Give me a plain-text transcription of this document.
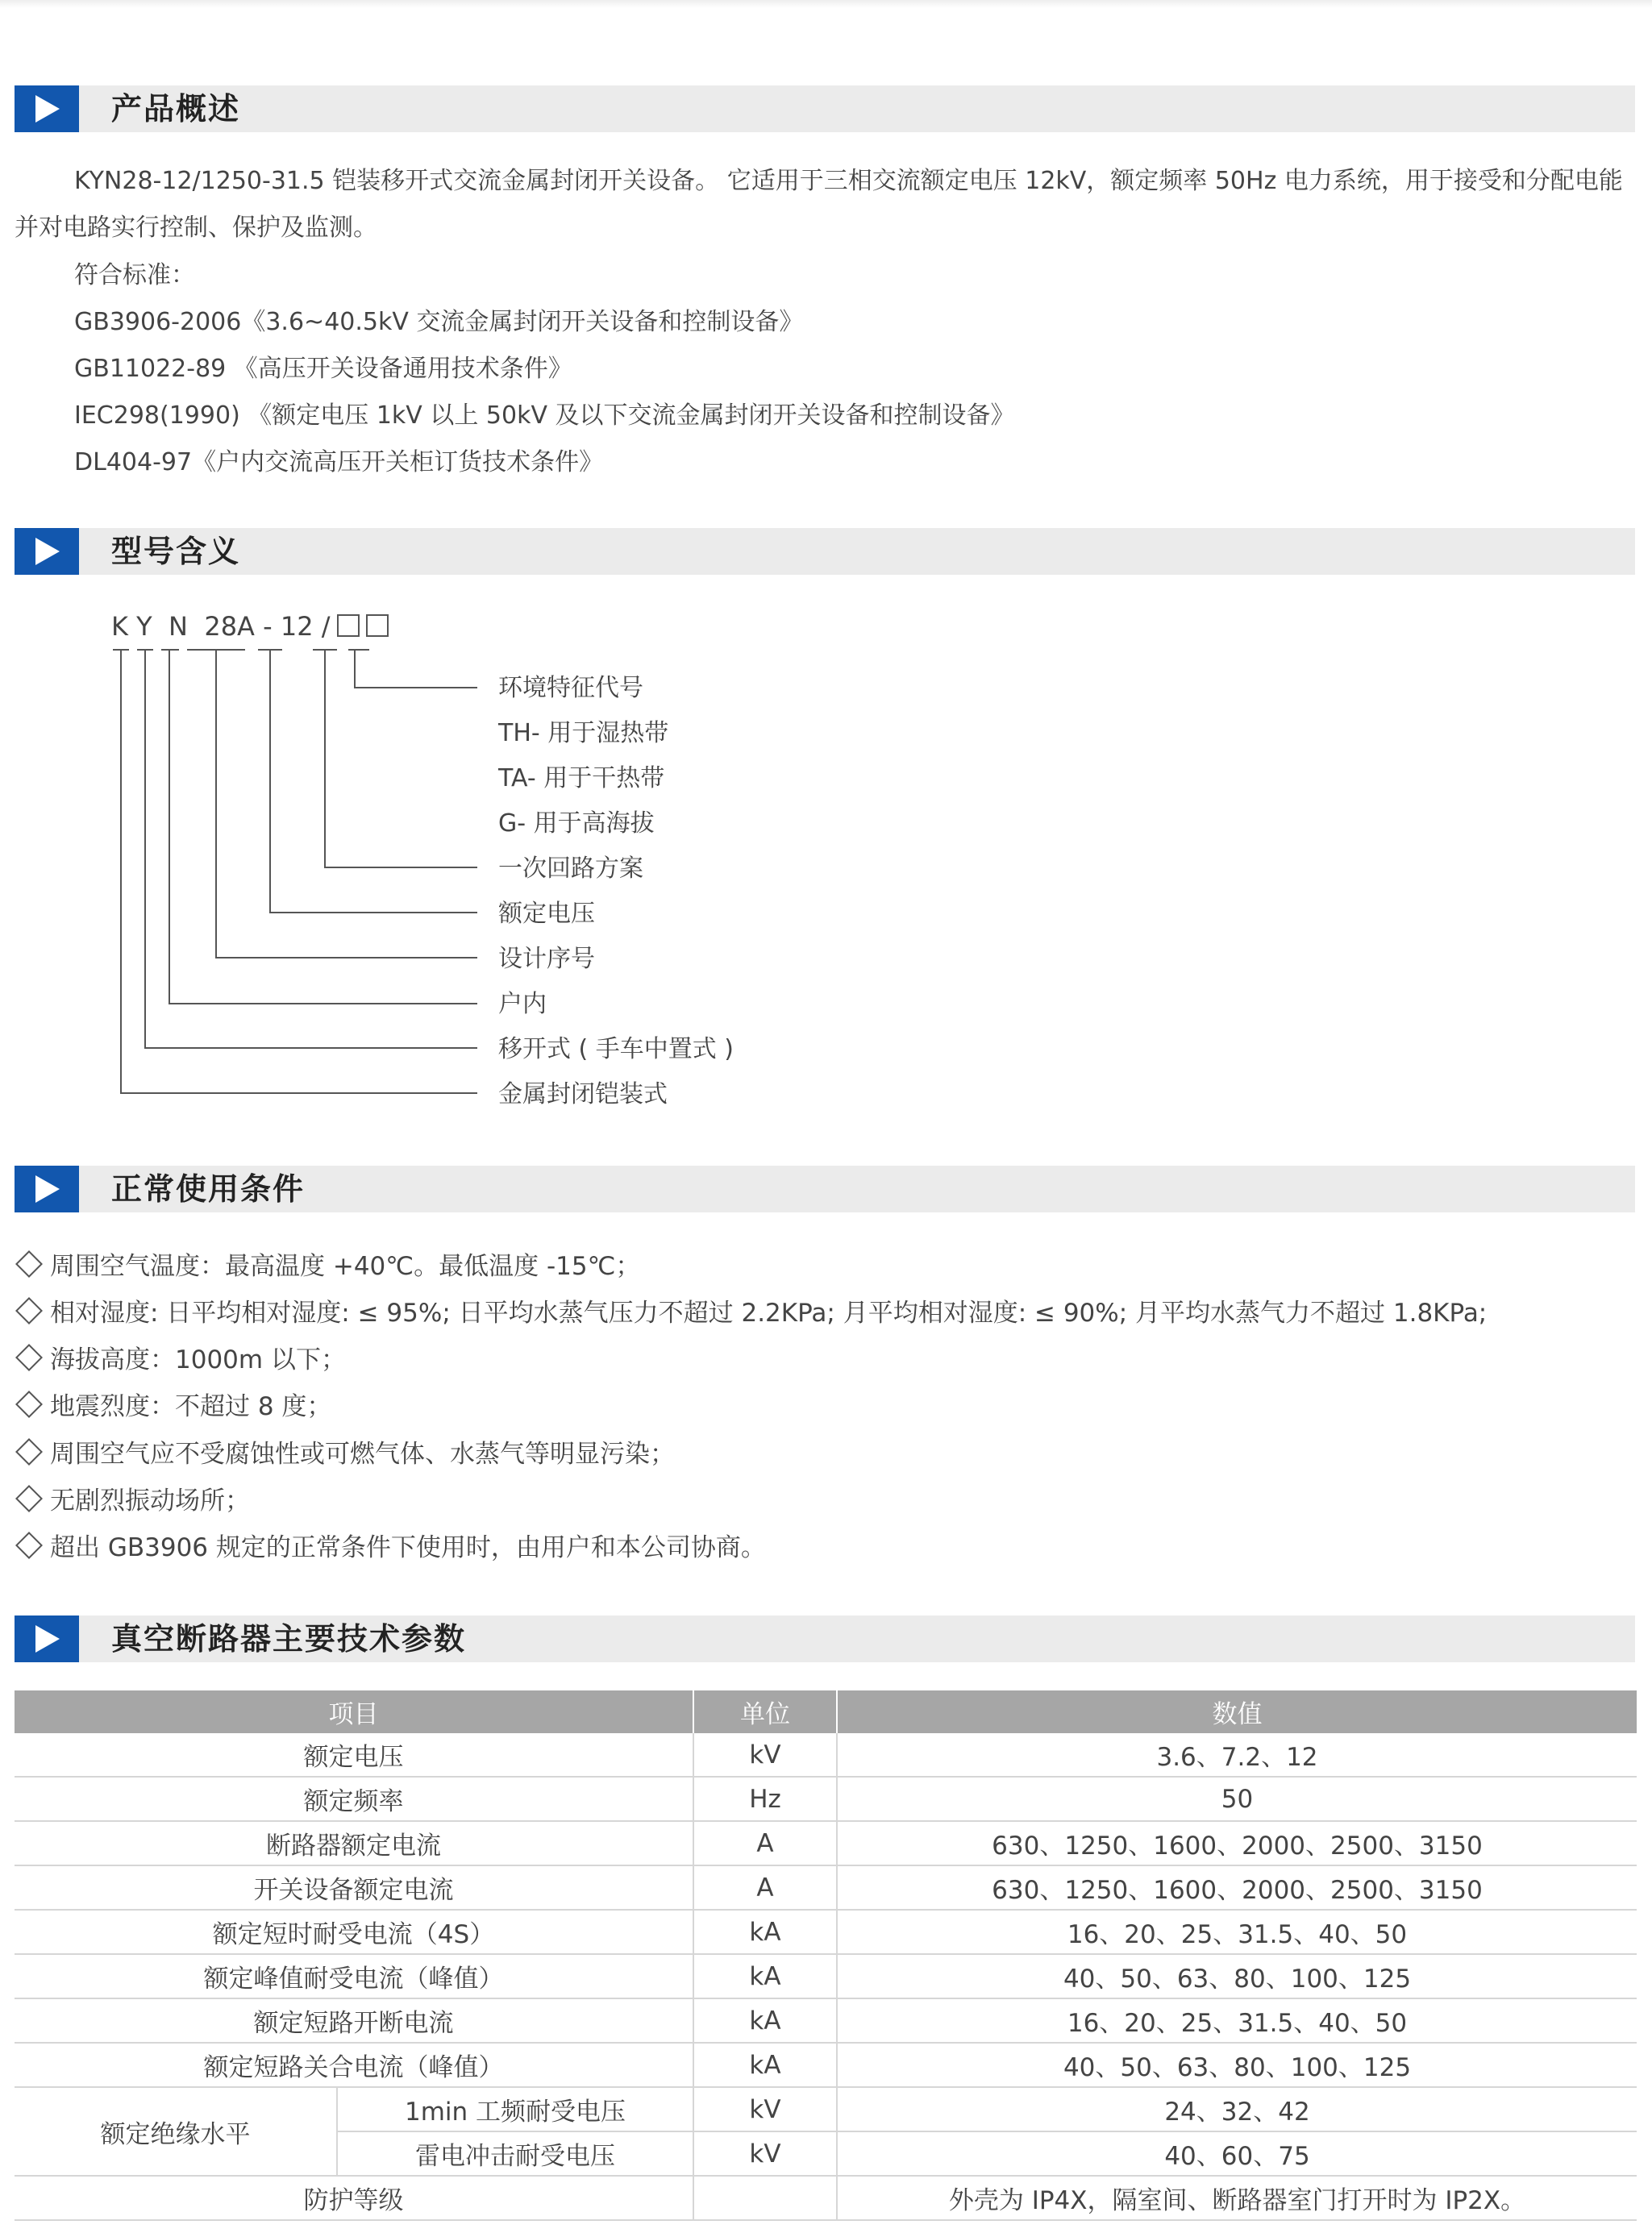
产品概述
KYN28-12/1250-31.5 铠装移开式交流金属封闭开关设备。 它适用于三相交流额定电压 12kV，额定频率 50Hz 电力系统，用于接受和分配电能并对电路实行控制、保护及监测。
符合标准：
GB3906-2006《3.6~40.5kV 交流金属封闭开关设备和控制设备》
GB11022-89 《高压开关设备通用技术条件》
IEC298(1990) 《额定电压 1kV 以上 50kV 及以下交流金属封闭开关设备和控制设备》
DL404-97《户内交流高压开关柜订货技术条件》
型号含义
K Y  N  28A - 12 /
环境特征代号
TH- 用于湿热带
TA- 用于干热带
G- 用于高海拔
一次回路方案
额定电压
设计序号
户内
移开式 ( 手车中置式 )
金属封闭铠装式
正常使用条件
周围空气温度：最高温度 +40℃。最低温度 -15℃；
相对湿度: 日平均相对湿度: ≤ 95%; 日平均水蒸气压力不超过 2.2KPa; 月平均相对湿度: ≤ 90%; 月平均水蒸气力不超过 1.8KPa;
海拔高度：1000m 以下；
地震烈度：不超过 8 度；
周围空气应不受腐蚀性或可燃气体、水蒸气等明显污染；
无剧烈振动场所；
超出 GB3906 规定的正常条件下使用时，由用户和本公司协商。
真空断路器主要技术参数
项目		单位	数值
额定电压		kV	3.6、7.2、12
额定频率		Hz	50
断路器额定电流		A	630、1250、1600、2000、2500、3150
开关设备额定电流		A	630、1250、1600、2000、2500、3150
额定短时耐受电流（4S）		kA	16、20、25、31.5、40、50
额定峰值耐受电流（峰值）		kA	40、50、63、80、100、125
额定短路开断电流		kA	16、20、25、31.5、40、50
额定短路关合电流（峰值）		kA	40、50、63、80、100、125
额定绝缘水平	1min 工频耐受电压	kV	24、32、42
	雷电冲击耐受电压	kV	40、60、75
防护等级			外壳为 IP4X，隔室间、断路器室门打开时为 IP2X。
